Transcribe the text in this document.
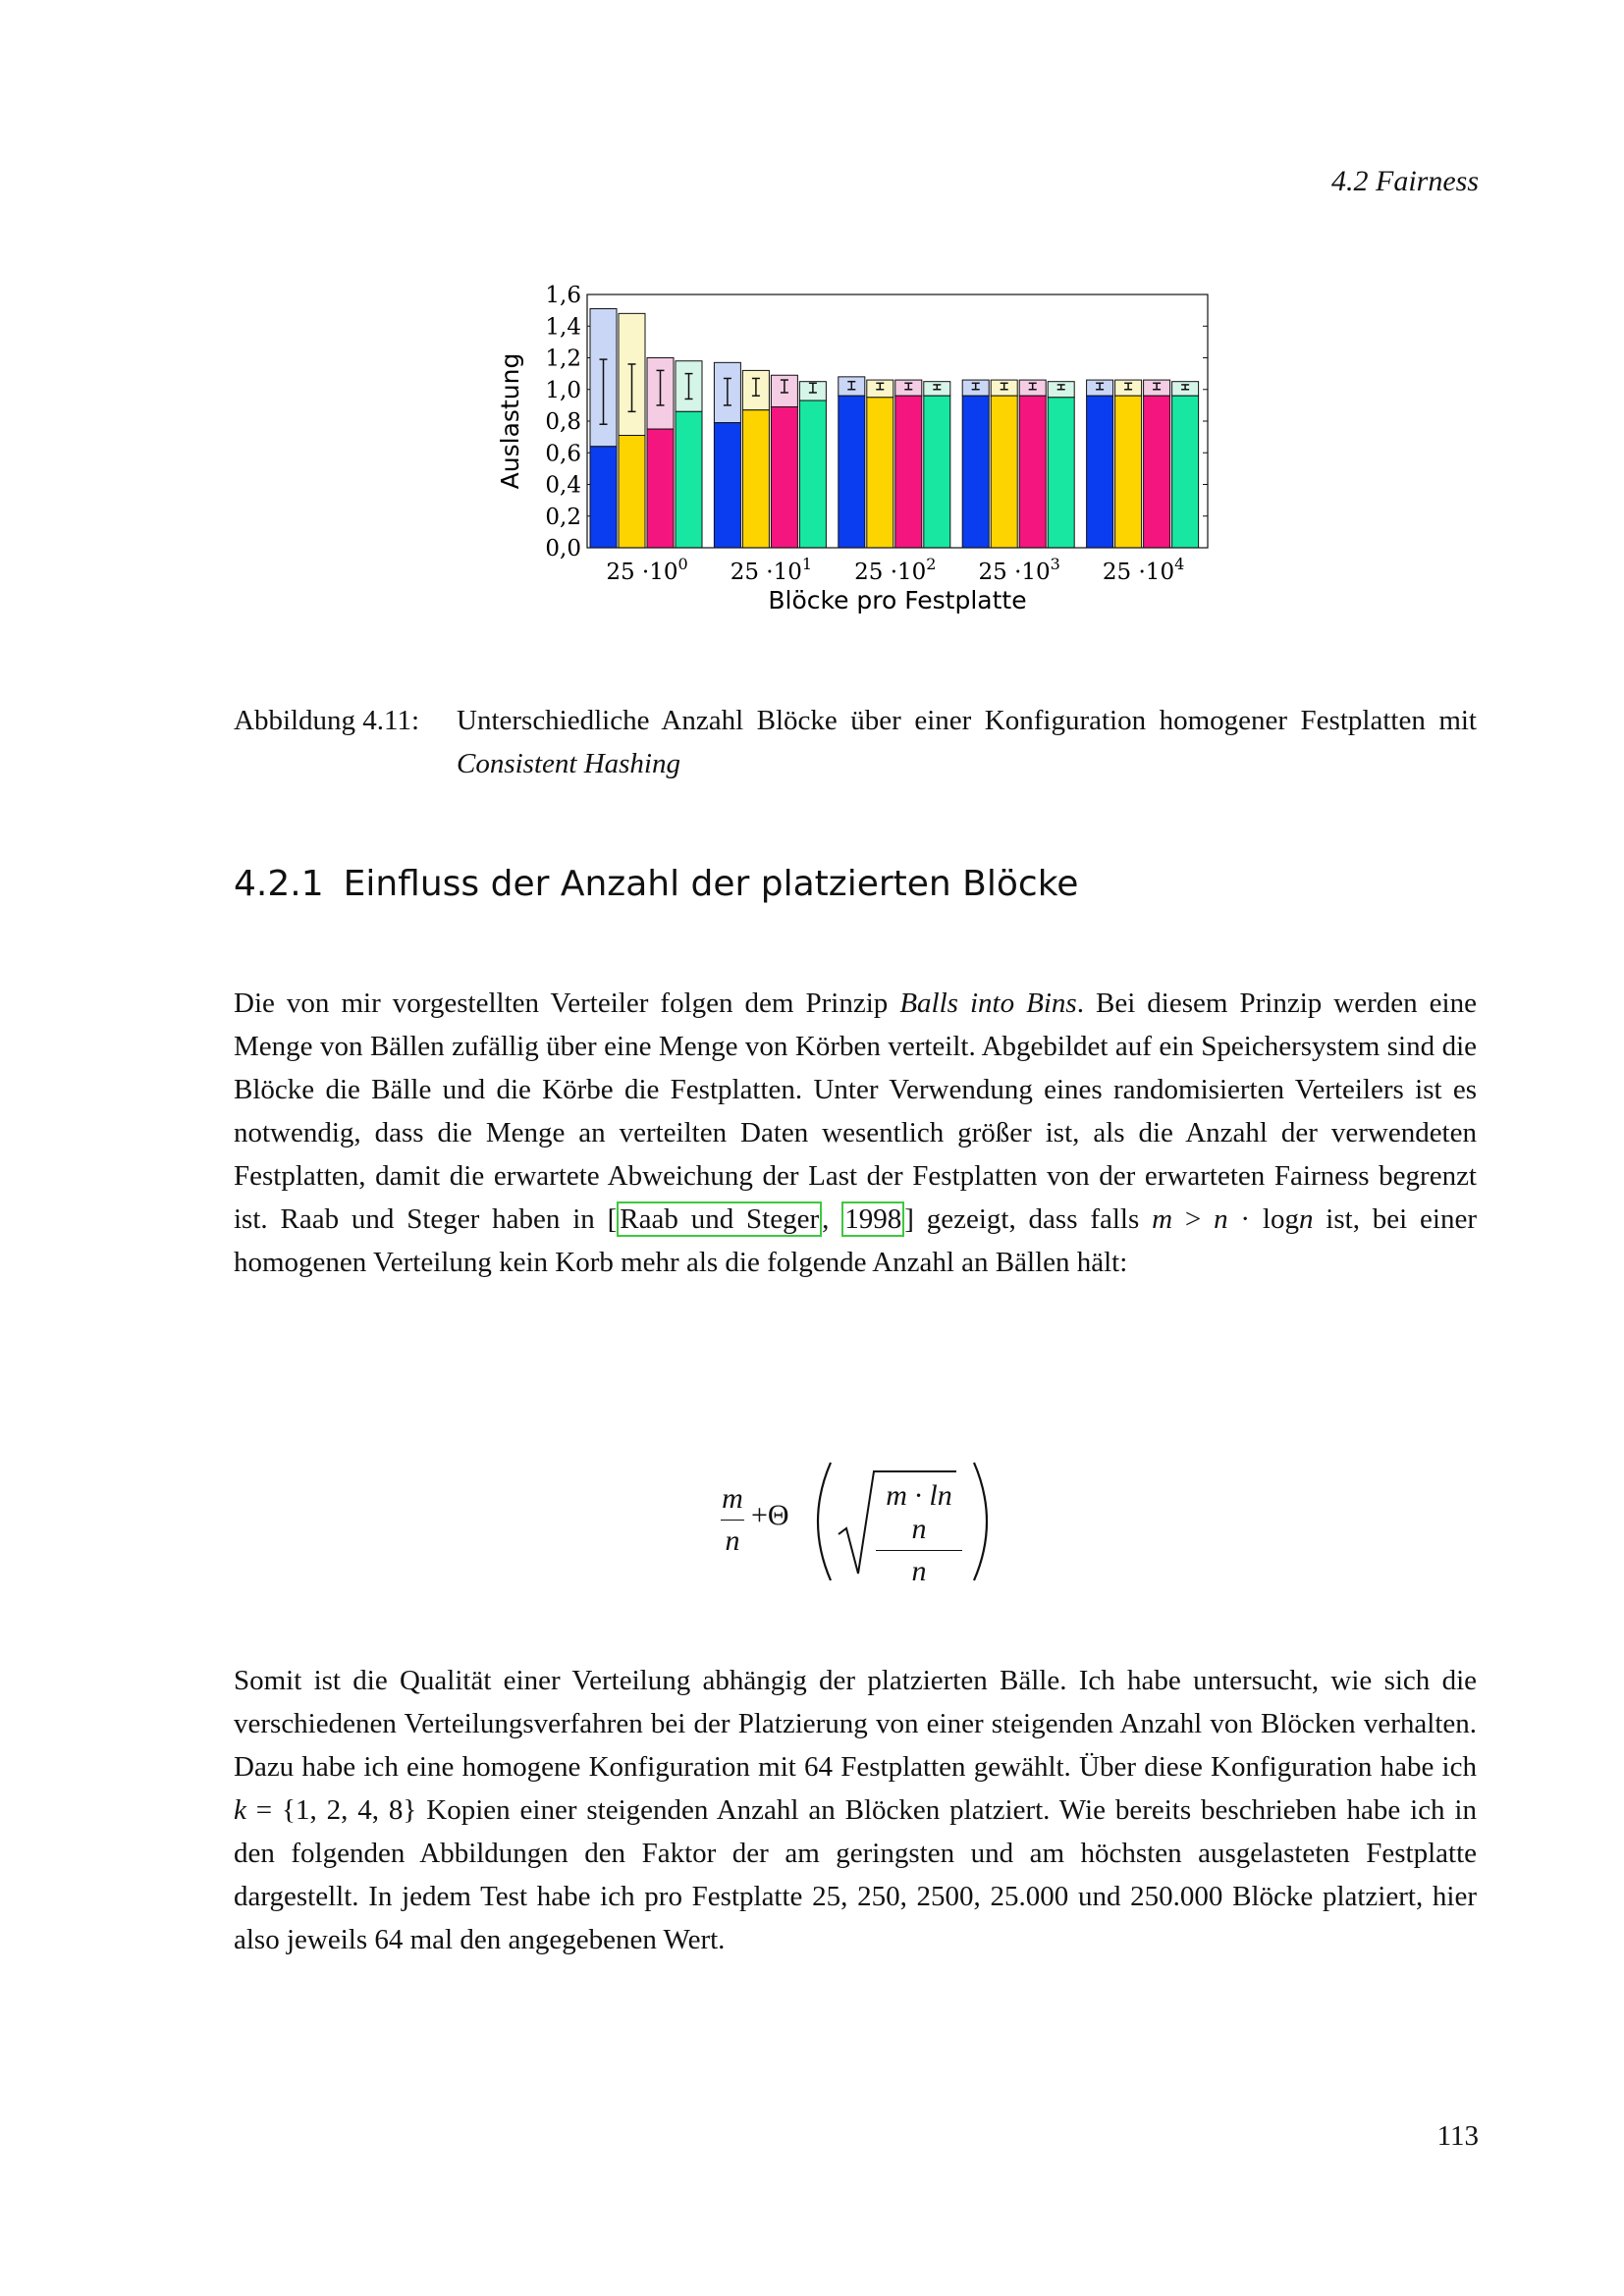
4.2 Fairness
Auslastung
0,0
0,2
0,4
0,6
0,8
1,0
1,2
1,4
1,6
$25 \cdot 10^0$ $25 \cdot 10^1$ $25 \cdot 10^2$ $25 \cdot 10^3$ $25 \cdot 10^4$
Blöcke pro Festplatte
Abbildung 4.11: Unterschiedliche Anzahl Blöcke über einer Konfiguration homogener Festplatten mit Consistent Hashing
4.2.1 Einfluss der Anzahl der platzierten Blöcke

Die von mir vorgestellten Verteiler folgen dem Prinzip Balls into Bins. Bei diesem Prinzip werden eine Menge von Bällen zufällig über eine Menge von Körben verteilt. Abgebildet auf ein Speichersystem sind die Blöcke die Bälle und die Körbe die Festplatten. Unter Verwendung eines randomisierten Verteilers ist es notwendig, dass die Menge an verteilten Daten wesentlich größer ist, als die Anzahl der verwendeten Festplatten, damit die erwartete Abweichung der Last der Festplatten von der erwarteten Fairness begrenzt ist. Raab und Steger haben in [ Raab und Steger , 1998 ] gezeigt, dass falls m > n · logn ist, bei einer homogenen Verteilung kein Korb mehr als die folgende Anzahl an Bällen hält:

m
n
+Θ
m · ln n
n

Somit ist die Qualität einer Verteilung abhängig der platzierten Bälle. Ich habe untersucht, wie sich die verschiedenen Verteilungsverfahren bei der Platzierung von einer steigenden Anzahl von Blöcken verhalten. Dazu habe ich eine homogene Konfiguration mit 64 Festplatten gewählt. Über diese Konfiguration habe ich k = {1, 2, 4, 8} Kopien einer steigenden Anzahl an Blöcken platziert. Wie bereits beschrieben habe ich in den folgenden Abbildungen den Faktor der am geringsten und am höchsten ausgelasteten Festplatte dargestellt. In jedem Test habe ich pro Festplatte 25, 250, 2500, 25.000 und 250.000 Blöcke platziert, hier also jeweils 64 mal den angegebenen Wert.

113
